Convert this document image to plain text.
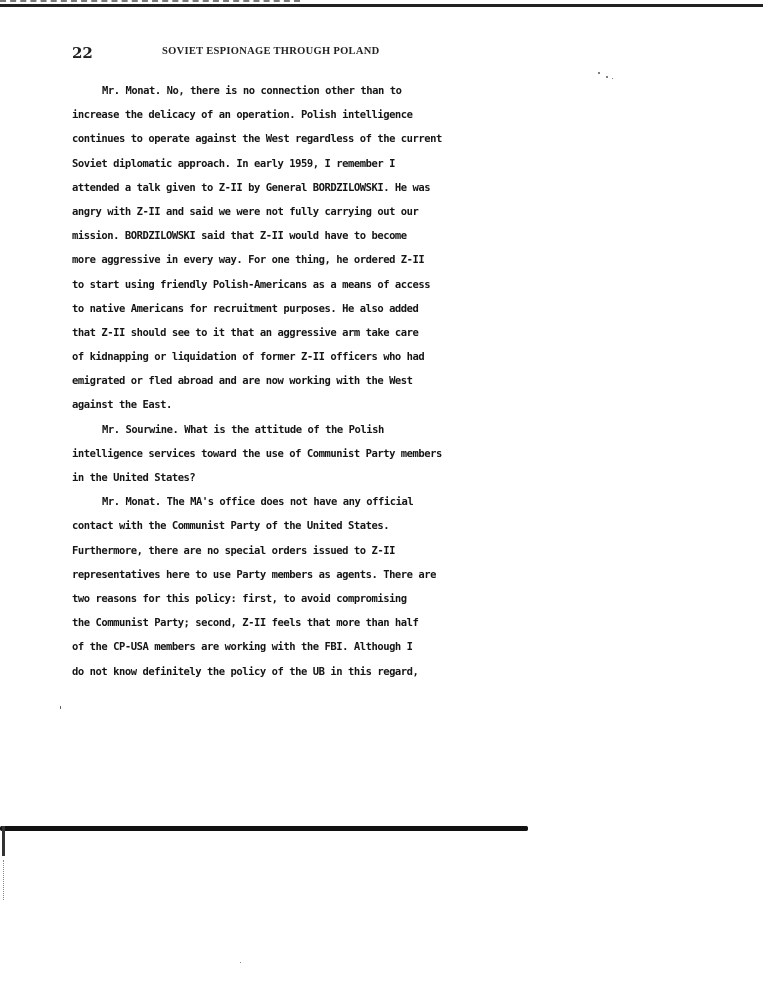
22	SOVIET ESPIONAGE THROUGH POLAND
Mr. Monat. No, there is no connection other than to
increase the delicacy of an operation. Polish intelligence
continues to operate against the West regardless of the current
Soviet diplomatic approach. In early 1959, I remember I
attended a talk given to Z-II by General BORDZILOWSKI. He was
angry with Z-II and said we were not fully carrying out our
mission. BORDZILOWSKI said that Z-II would have to become
more aggressive in every way. For one thing, he ordered Z-II
to start using friendly Polish-Americans as a means of access
to native Americans for recruitment purposes. He also added
that Z-II should see to it that an aggressive arm take care
of kidnapping or liquidation of former Z-II officers who had
emigrated or fled abroad and are now working with the West
against the East.
Mr. Sourwine. What is the attitude of the Polish
intelligence services toward the use of Communist Party members
in the United States?
Mr. Monat. The MA's office does not have any official
contact with the Communist Party of the United States.
Furthermore, there are no special orders issued to Z-II
representatives here to use Party members as agents. There are
two reasons for this policy: first, to avoid compromising
the Communist Party; second, Z-II feels that more than half
of the CP-USA members are working with the FBI. Although I
do not know definitely the policy of the UB in this regard,
